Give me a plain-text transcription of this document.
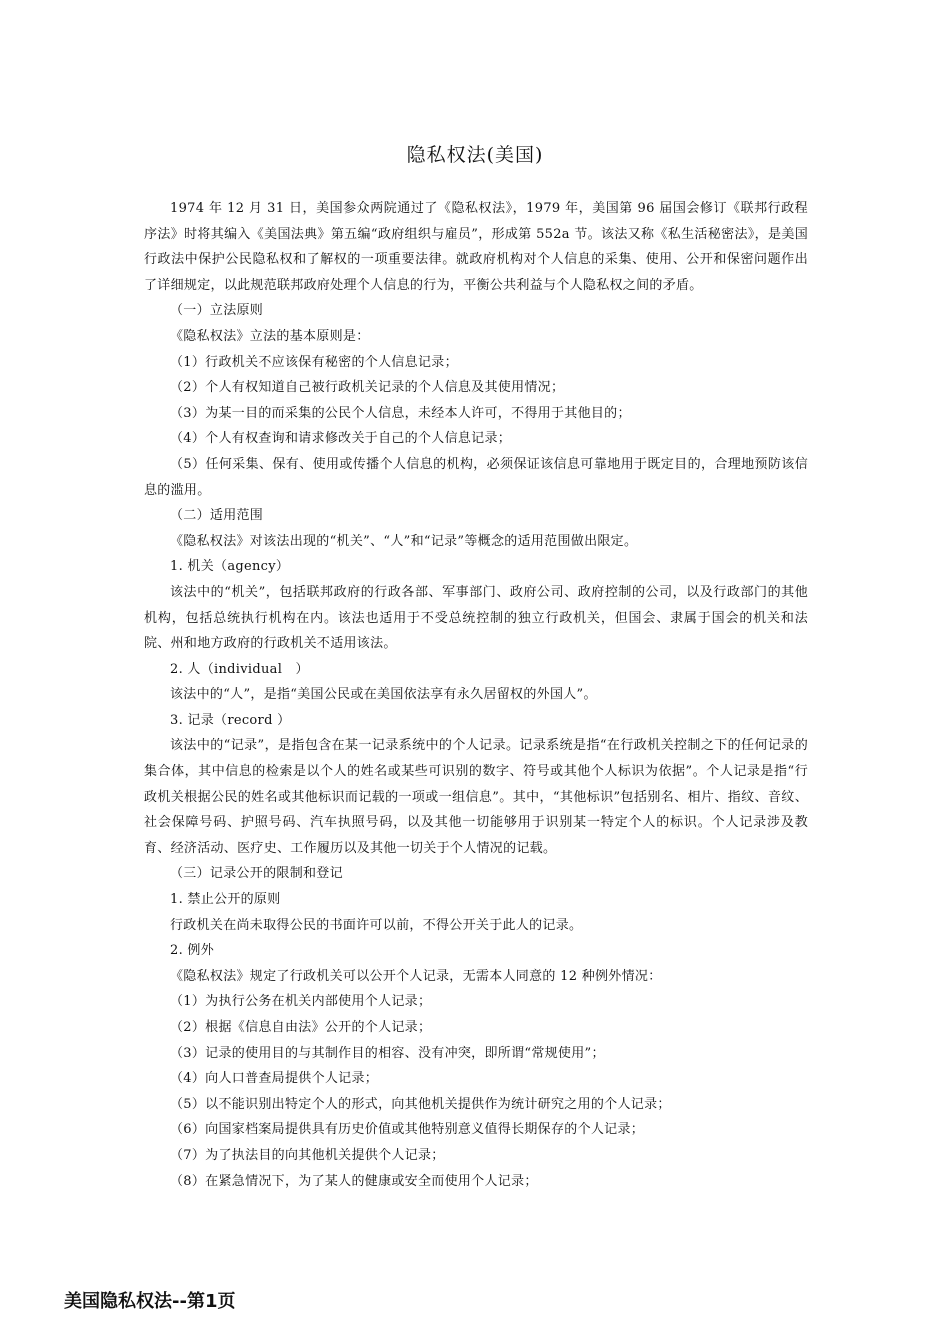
隐私权法(美国)

1974 年 12 月 31 日，美国参众两院通过了《隐私权法》，1979 年，美国第 96 届国会修订《联邦行政程序法》时将其编入《美国法典》第五编“政府组织与雇员”，形成第 552a 节。该法又称《私生活秘密法》，是美国行政法中保护公民隐私权和了解权的一项重要法律。就政府机构对个人信息的采集、使用、公开和保密问题作出了详细规定，以此规范联邦政府处理个人信息的行为，平衡公共利益与个人隐私权之间的矛盾。

（一）立法原则

《隐私权法》立法的基本原则是：

（1）行政机关不应该保有秘密的个人信息记录；

（2）个人有权知道自己被行政机关记录的个人信息及其使用情况；

（3）为某一目的而采集的公民个人信息，未经本人许可，不得用于其他目的；

（4）个人有权查询和请求修改关于自己的个人信息记录；

（5）任何采集、保有、使用或传播个人信息的机构，必须保证该信息可靠地用于既定目的，合理地预防该信息的滥用。

（二）适用范围

《隐私权法》对该法出现的“机关”、“人”和“记录”等概念的适用范围做出限定。

1. 机关（agency）

该法中的“机关”，包括联邦政府的行政各部、军事部门、政府公司、政府控制的公司，以及行政部门的其他机构，包括总统执行机构在内。该法也适用于不受总统控制的独立行政机关，但国会、隶属于国会的机关和法院、州和地方政府的行政机关不适用该法。

2. 人（individual　）

该法中的“人”，是指“美国公民或在美国依法享有永久居留权的外国人”。

3. 记录（record ）

该法中的“记录”，是指包含在某一记录系统中的个人记录。记录系统是指“在行政机关控制之下的任何记录的集合体，其中信息的检索是以个人的姓名或某些可识别的数字、符号或其他个人标识为依据”。个人记录是指“行政机关根据公民的姓名或其他标识而记载的一项或一组信息”。其中，“其他标识”包括别名、相片、指纹、音纹、社会保障号码、护照号码、汽车执照号码，以及其他一切能够用于识别某一特定个人的标识。个人记录涉及教育、经济活动、医疗史、工作履历以及其他一切关于个人情况的记载。

（三）记录公开的限制和登记

1. 禁止公开的原则

行政机关在尚未取得公民的书面许可以前，不得公开关于此人的记录。

2. 例外

《隐私权法》规定了行政机关可以公开个人记录，无需本人同意的 12 种例外情况：

（1）为执行公务在机关内部使用个人记录；

（2）根据《信息自由法》公开的个人记录；

（3）记录的使用目的与其制作目的相容、没有冲突，即所谓“常规使用”；

（4）向人口普查局提供个人记录；

（5）以不能识别出特定个人的形式，向其他机关提供作为统计研究之用的个人记录；

（6）向国家档案局提供具有历史价值或其他特别意义值得长期保存的个人记录；

（7）为了执法目的向其他机关提供个人记录；

（8）在紧急情况下，为了某人的健康或安全而使用个人记录；

美国隐私权法--第1页
